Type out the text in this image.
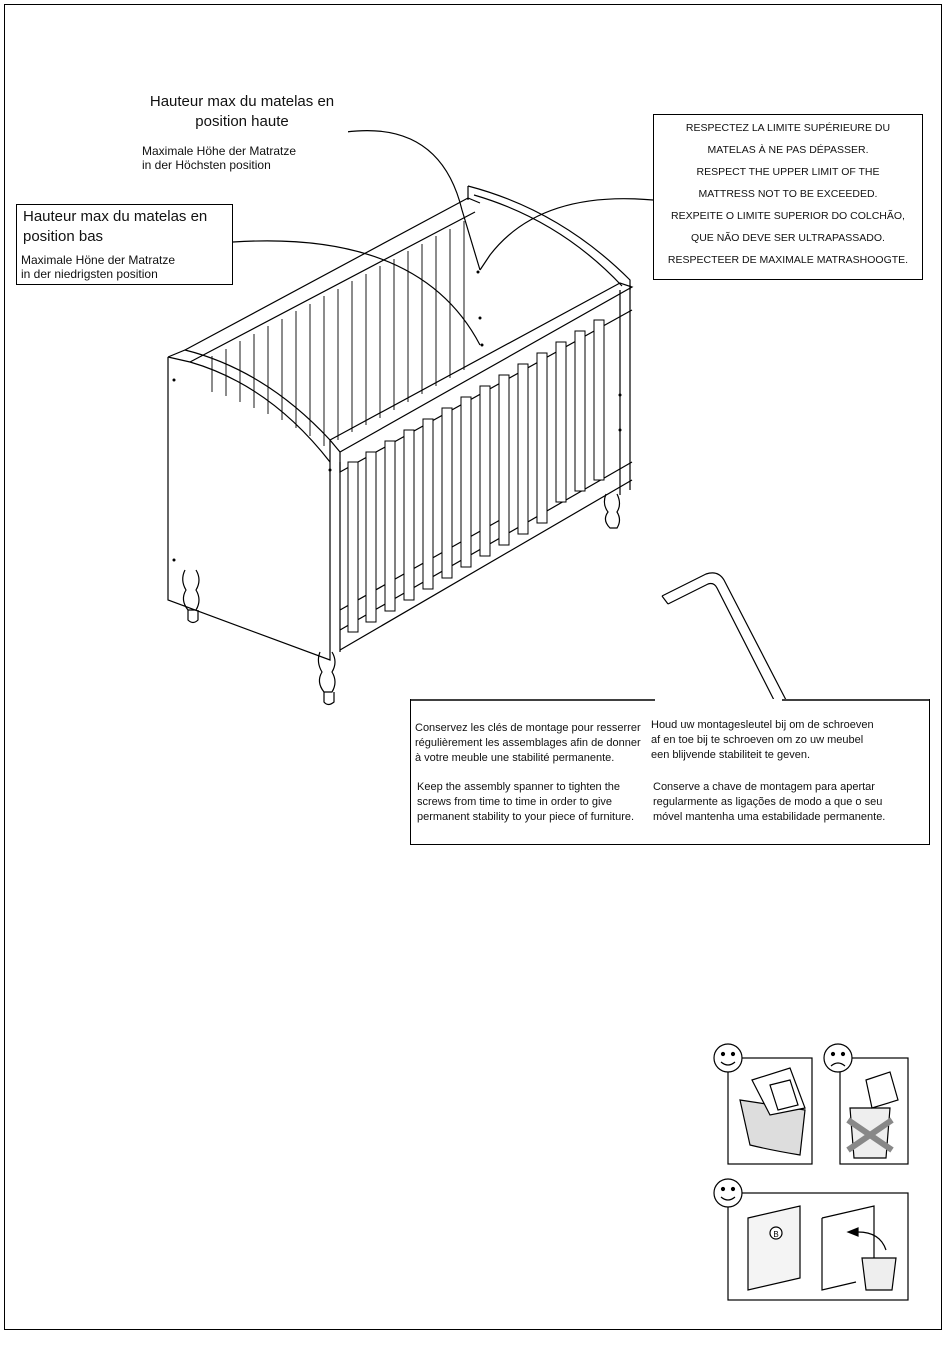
B
Hauteur max du matelas en position haute
Maximale Höhe der Matratze
in der Höchsten position
Hauteur max du matelas en position bas
Maximale Höne der Matratze
in der niedrigsten position
RESPECTEZ LA LIMITE SUPÉRIEURE DU
MATELAS À NE PAS DÉPASSER.
RESPECT THE UPPER LIMIT OF THE
MATTRESS NOT TO BE EXCEEDED.
REXPEITE O LIMITE SUPERIOR DO COLCHÃO,
QUE NÃO DEVE SER ULTRAPASSADO.
RESPECTEER DE MAXIMALE MATRASHOOGTE.
Conservez les clés de montage pour resserrer
régulièrement les assemblages afin de donner
à votre meuble une stabilité permanente.
Keep the assembly spanner to tighten the
screws from time to time in order to give
permanent stability to your piece of furniture.
Houd uw montagesleutel bij om de schroeven
af en toe bij te schroeven om zo uw meubel
een blijvende stabiliteit te geven.
Conserve a chave de montagem para apertar
regularmente as ligações de modo a que o seu
móvel mantenha uma estabilidade permanente.
